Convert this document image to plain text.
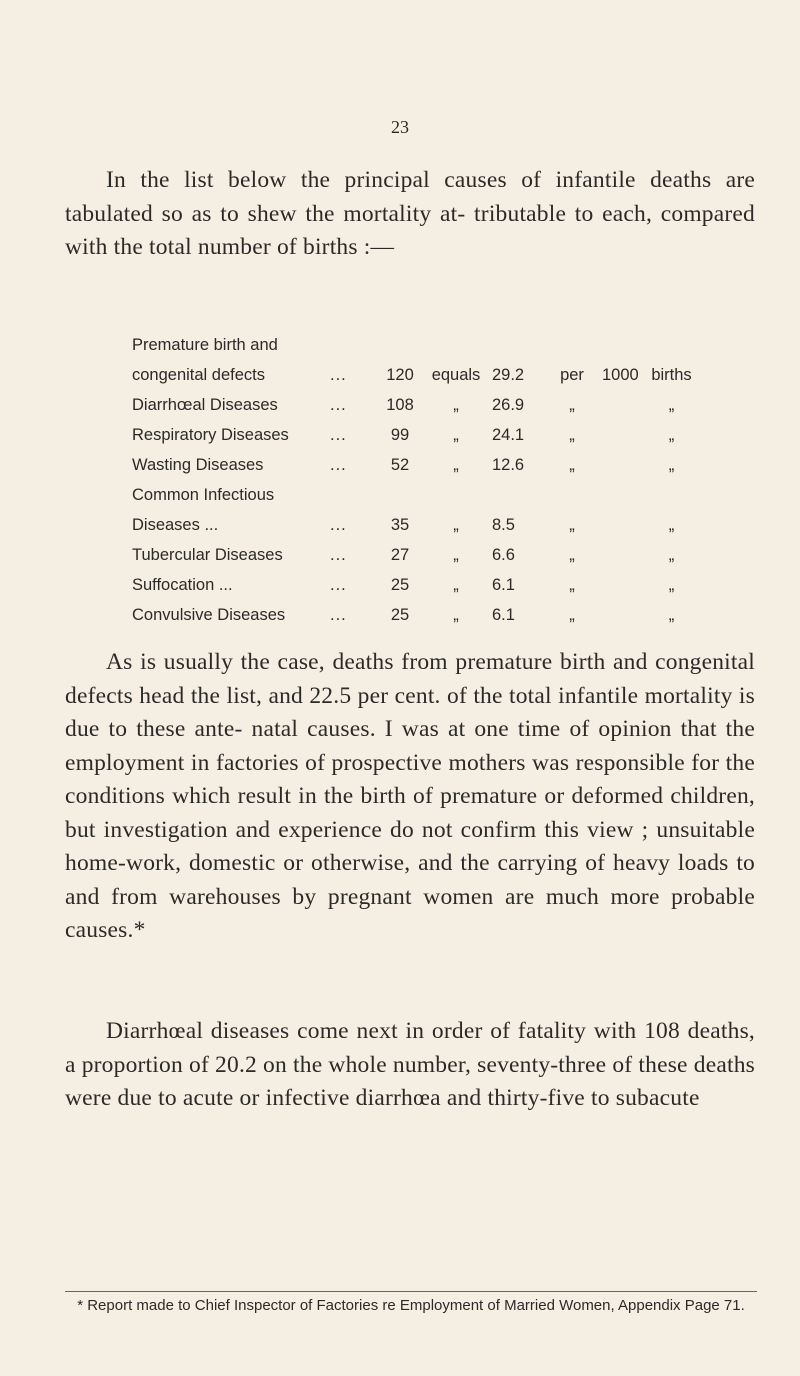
23

In the list below the principal causes of infantile deaths are tabulated so as to shew the mortality at- tributable to each, compared with the total number of births :—

Premature birth and							
congenital defects	...	120	equals	29.2	per	1000	births
Diarrhœal Diseases	...	108	„	26.9	„		„
Respiratory Diseases	...	99	„	24.1	„		„
Wasting Diseases	...	52	„	12.6	„		„
Common Infectious							
Diseases ...	...	35	„	8.5	„		„
Tubercular Diseases	...	27	„	6.6	„		„
Suffocation ...	...	25	„	6.1	„		„
Convulsive Diseases	...	25	„	6.1	„		„

As is usually the case, deaths from premature birth and congenital defects head the list, and 22.5 per cent. of the total infantile mortality is due to these ante- natal causes. I was at one time of opinion that the employment in factories of prospective mothers was responsible for the conditions which result in the birth of premature or deformed children, but investigation and experience do not confirm this view ; unsuitable home-work, domestic or otherwise, and the carrying of heavy loads to and from warehouses by pregnant women are much more probable causes.*

Diarrhœal diseases come next in order of fatality with 108 deaths, a proportion of 20.2 on the whole number, seventy-three of these deaths were due to acute or infective diarrhœa and thirty-five to subacute

* Report made to Chief Inspector of Factories re Employment of Married Women, Appendix Page 71.
